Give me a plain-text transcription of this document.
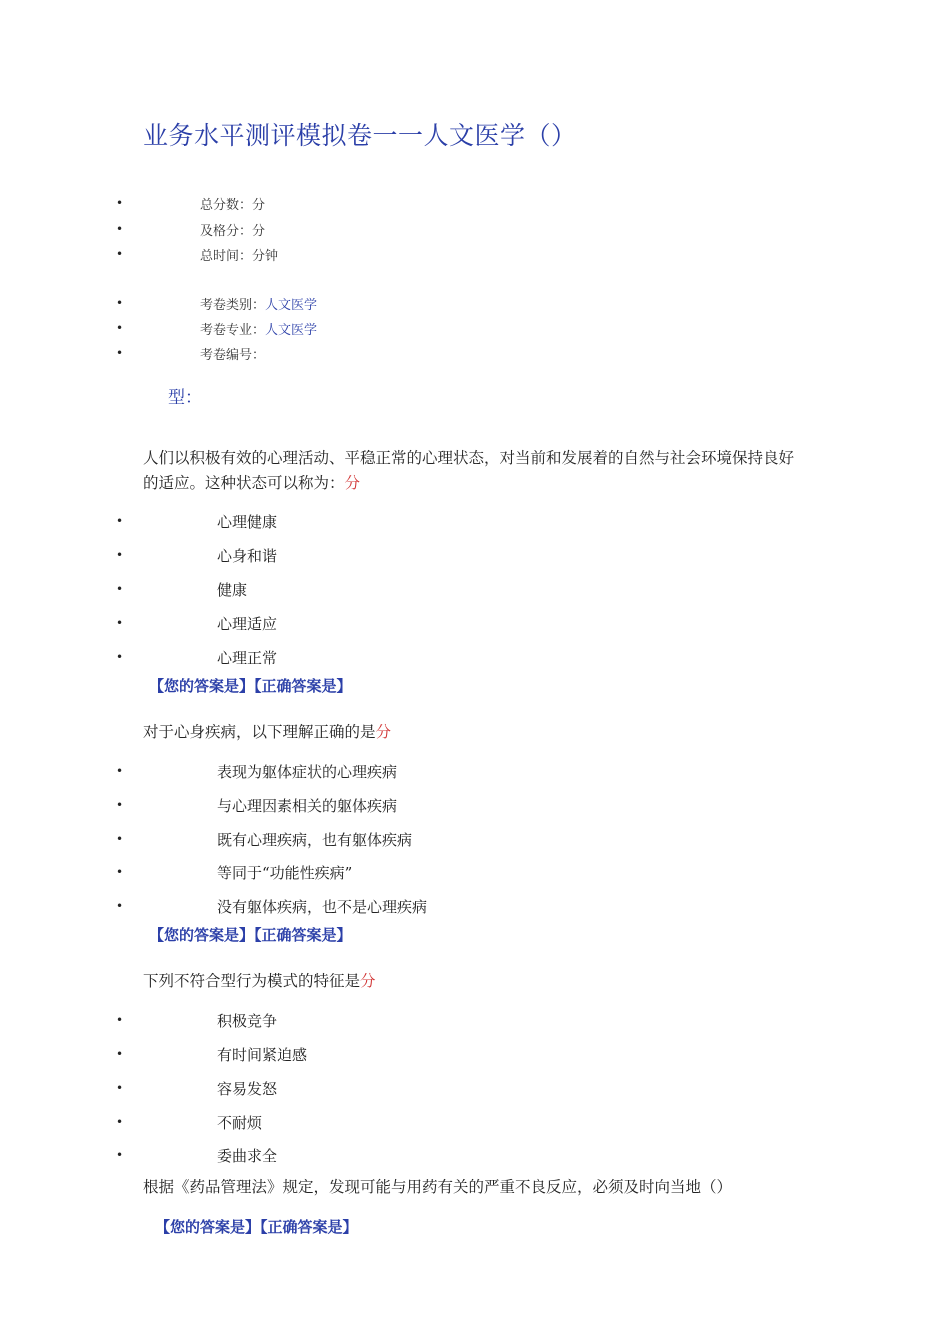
业务水平测评模拟卷一一人文医学（）
•	总分数：分
•	及格分：分
•	总时间：分钟
•	考卷类别：人文医学
•	考卷专业：人文医学
•	考卷编号：
型：
人们以积极有效的心理活动、平稳正常的心理状态，对当前和发展着的自然与社会环境保持良好的适应。这种状态可以称为：分
•	心理健康
•	心身和谐
•	健康
•	心理适应
•	心理正常
【您的答案是】【正确答案是】
对于心身疾病，以下理解正确的是分
•	表现为躯体症状的心理疾病
•	与心理因素相关的躯体疾病
•	既有心理疾病，也有躯体疾病
•	等同于“功能性疾病”
•	没有躯体疾病，也不是心理疾病
【您的答案是】【正确答案是】
下列不符合型行为模式的特征是分
•	积极竞争
•	有时间紧迫感
•	容易发怒
•	不耐烦
•	委曲求全
根据《药品管理法》规定，发现可能与用药有关的严重不良反应，必须及时向当地（）
【您的答案是】【正确答案是】
